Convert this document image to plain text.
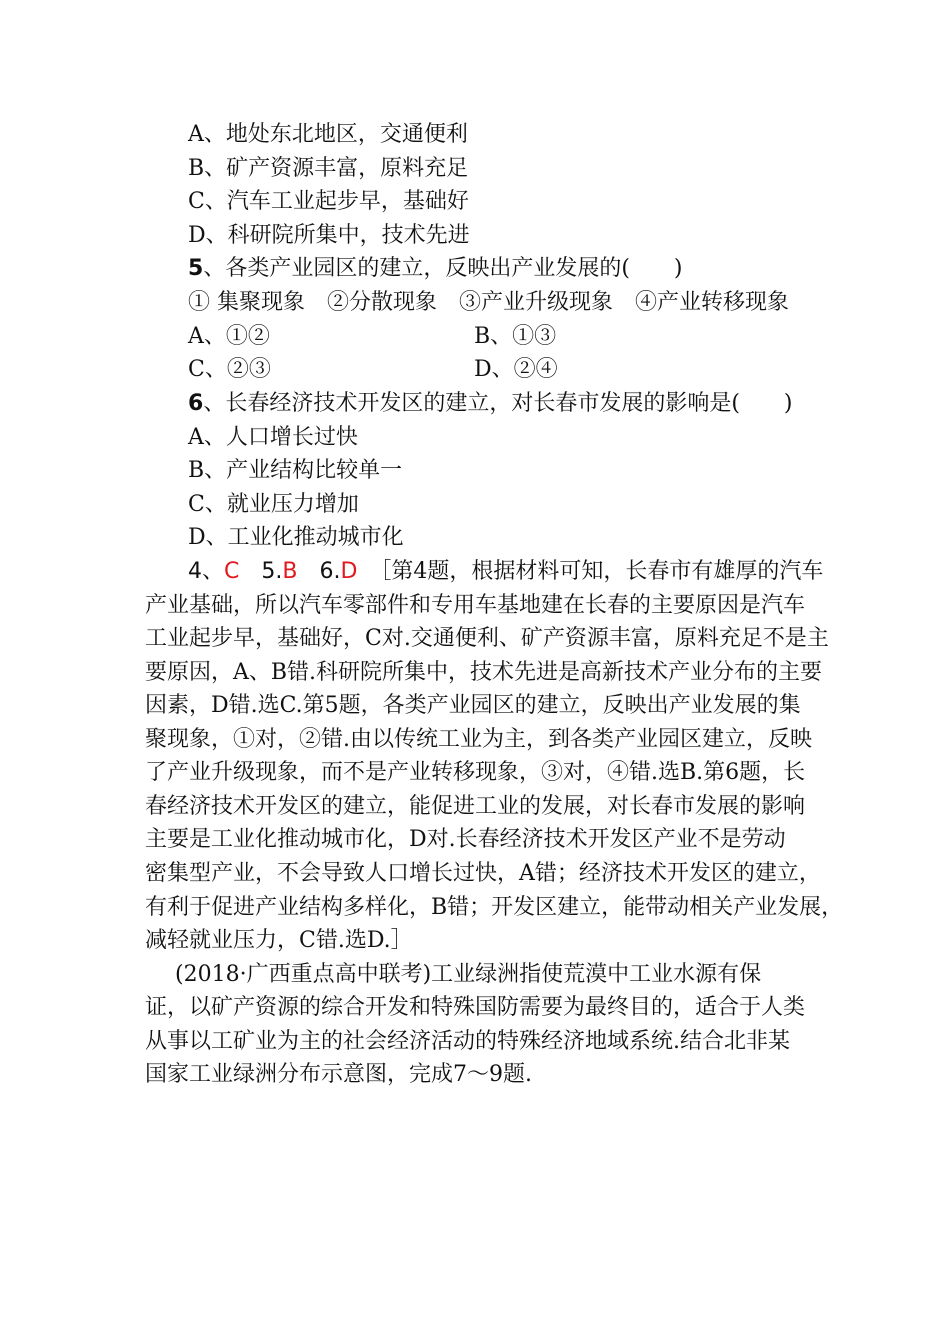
A、地处东北地区，交通便利
B、矿产资源丰富，原料充足
C、汽车工业起步早，基础好
D、科研院所集中，技术先进
5、各类产业园区的建立，反映出产业发展的(　　)
① 集聚现象　②分散现象　③产业升级现象　④产业转移现象
A、①②	B、①③
C、②③	D、②④
6、长春经济技术开发区的建立，对长春市发展的影响是(　　)
A、人口增长过快
B、产业结构比较单一
C、就业压力增加
D、工业化推动城市化
4、C 5.B 6.D ［第4题，根据材料可知，长春市有雄厚的汽车
产业基础，所以汽车零部件和专用车基地建在长春的主要原因是汽车
工业起步早，基础好，C对.交通便利、矿产资源丰富，原料充足不是主
要原因，A、B错.科研院所集中，技术先进是高新技术产业分布的主要
因素，D错.选C.第5题，各类产业园区的建立，反映出产业发展的集
聚现象，①对，②错.由以传统工业为主，到各类产业园区建立，反映
了产业升级现象，而不是产业转移现象，③对，④错.选B.第6题，长
春经济技术开发区的建立，能促进工业的发展，对长春市发展的影响
主要是工业化推动城市化，D对.长春经济技术开发区产业不是劳动
密集型产业，不会导致人口增长过快，A错；经济技术开发区的建立，
有利于促进产业结构多样化，B错；开发区建立，能带动相关产业发展，
减轻就业压力，C错.选D.］
(2018·广西重点高中联考)工业绿洲指使荒漠中工业水源有保
证，以矿产资源的综合开发和特殊国防需要为最终目的，适合于人类
从事以工矿业为主的社会经济活动的特殊经济地域系统.结合北非某
国家工业绿洲分布示意图，完成7～9题.
